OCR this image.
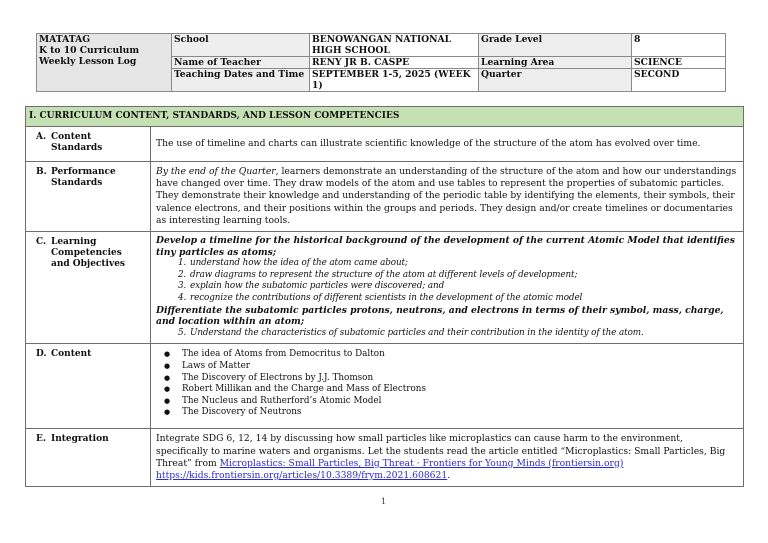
MATATAG
K to 10 Curriculum
Weekly Lesson Log	School	BENOWANGAN NATIONAL HIGH SCHOOL	Grade Level	8
	Name of Teacher	RENY JR B. CASPE	Learning Area	SCIENCE
	Teaching Dates and Time	SEPTEMBER 1-5, 2025 (WEEK 1)	Quarter	SECOND
I. CURRICULUM CONTENT, STANDARDS, AND LESSON COMPETENCIES	
A. Content Standards	The use of timeline and charts can illustrate scientific knowledge of the structure of the atom has evolved over time.
B. Performance Standards	By the end of the Quarter, learners demonstrate an understanding of the structure of the atom and how our understandings have changed over time. They draw models of the atom and use tables to represent the properties of subatomic particles. They demonstrate their knowledge and understanding of the periodic table by identifying the elements, their symbols, their valence electrons, and their positions within the groups and periods. They design and/or create timelines or documentaries as interesting learning tools.
C. Learning Competencies and Objectives	
Develop a timeline for the historical background of the development of the current Atomic Model that identifies tiny particles as atoms;
1. understand how the idea of the atom came about;
2. draw diagrams to represent the structure of the atom at different levels of development;
3. explain how the subatomic particles were discovered; and
4. recognize the contributions of different scientists in the development of the atomic model
Differentiate the subatomic particles protons, neutrons, and electrons in terms of their symbol, mass, charge, and location within an atom;
5. Understand the characteristics of subatomic particles and their contribution in the identity of the atom.

D. Content	● The idea of Atoms from Democritus to Dalton
● Laws of Matter
● The Discovery of Electrons by J.J. Thomson
● Robert Millikan and the Charge and Mass of Electrons
● The Nucleus and Rutherford’s Atomic Model
● The Discovery of Neutrons

E. Integration	Integrate SDG 6, 12, 14 by discussing how small particles like microplastics can cause harm to the environment, specifically to marine waters and organisms. Let the students read the article entitled “Microplastics: Small Particles, Big Threat” from Microplastics: Small Particles, Big Threat · Frontiers for Young Minds (frontiersin.org) https://kids.frontiersin.org/articles/10.3389/frym.2021.608621.
1
